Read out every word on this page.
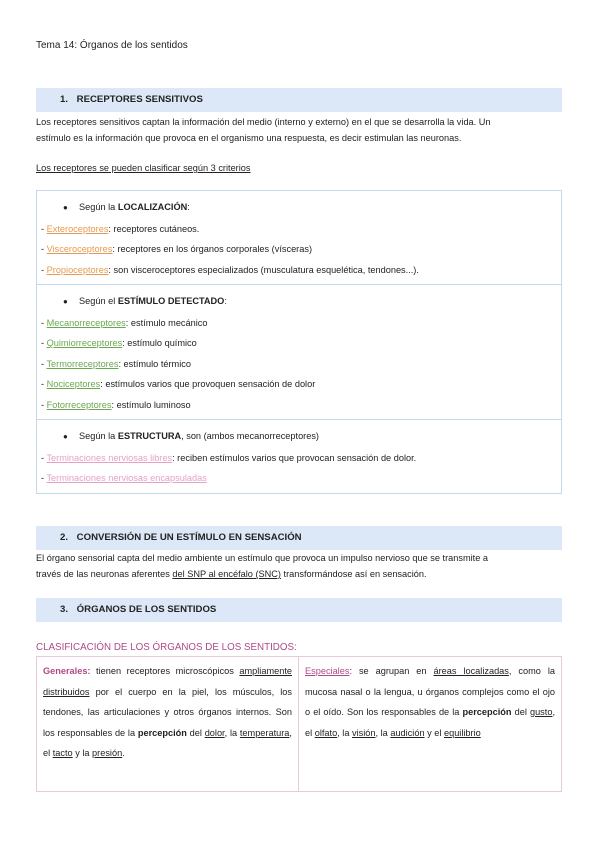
Tema 14: Órganos de los sentidos
1. RECEPTORES SENSITIVOS
Los receptores sensitivos captan la información del medio (interno y externo) en el que se desarrolla la vida. Un
estímulo es la información que provoca en el organismo una respuesta, es decir estimulan las neuronas.
Los receptores se pueden clasificar según 3 criterios
● Según la LOCALIZACIÓN:
- Exteroceptores: receptores cutáneos.
- Visceroceptores: receptores en los órganos corporales (vísceras)
- Propioceptores: son visceroceptores especializados (musculatura esquelética, tendones...).
● Según el ESTÍMULO DETECTADO:
- Mecanorreceptores: estímulo mecánico
- Quimiorreceptores: estímulo químico
- Termorreceptores: estímulo térmico
- Nociceptores: estímulos varios que provoquen sensación de dolor
- Fotorreceptores: estímulo luminoso
● Según la ESTRUCTURA, son (ambos mecanorreceptores)
- Terminaciones nerviosas libres: reciben estímulos varios que provocan sensación de dolor.
- Terminaciones nerviosas encapsuladas
2. CONVERSIÓN DE UN ESTÍMULO EN SENSACIÓN
El órgano sensorial capta del medio ambiente un estímulo que provoca un impulso nervioso que se transmite a
través de las neuronas aferentes del SNP al encéfalo (SNC) transformándose así en sensación.
3. ÓRGANOS DE LOS SENTIDOS
CLASIFICACIÓN DE LOS ÓRGANOS DE LOS SENTIDOS:
Generales: tienen receptores microscópicos ampliamente distribuidos por el cuerpo en la piel, los músculos, los tendones, las articulaciones y otros órganos internos. Son los responsables de la percepción del dolor, la temperatura, el tacto y la presión.
Especiales: se agrupan en áreas localizadas, como la mucosa nasal o la lengua, u órganos complejos como el ojo o el oído. Son los responsables de la percepción del gusto, el olfato, la visión, la audición y el equilibrio
